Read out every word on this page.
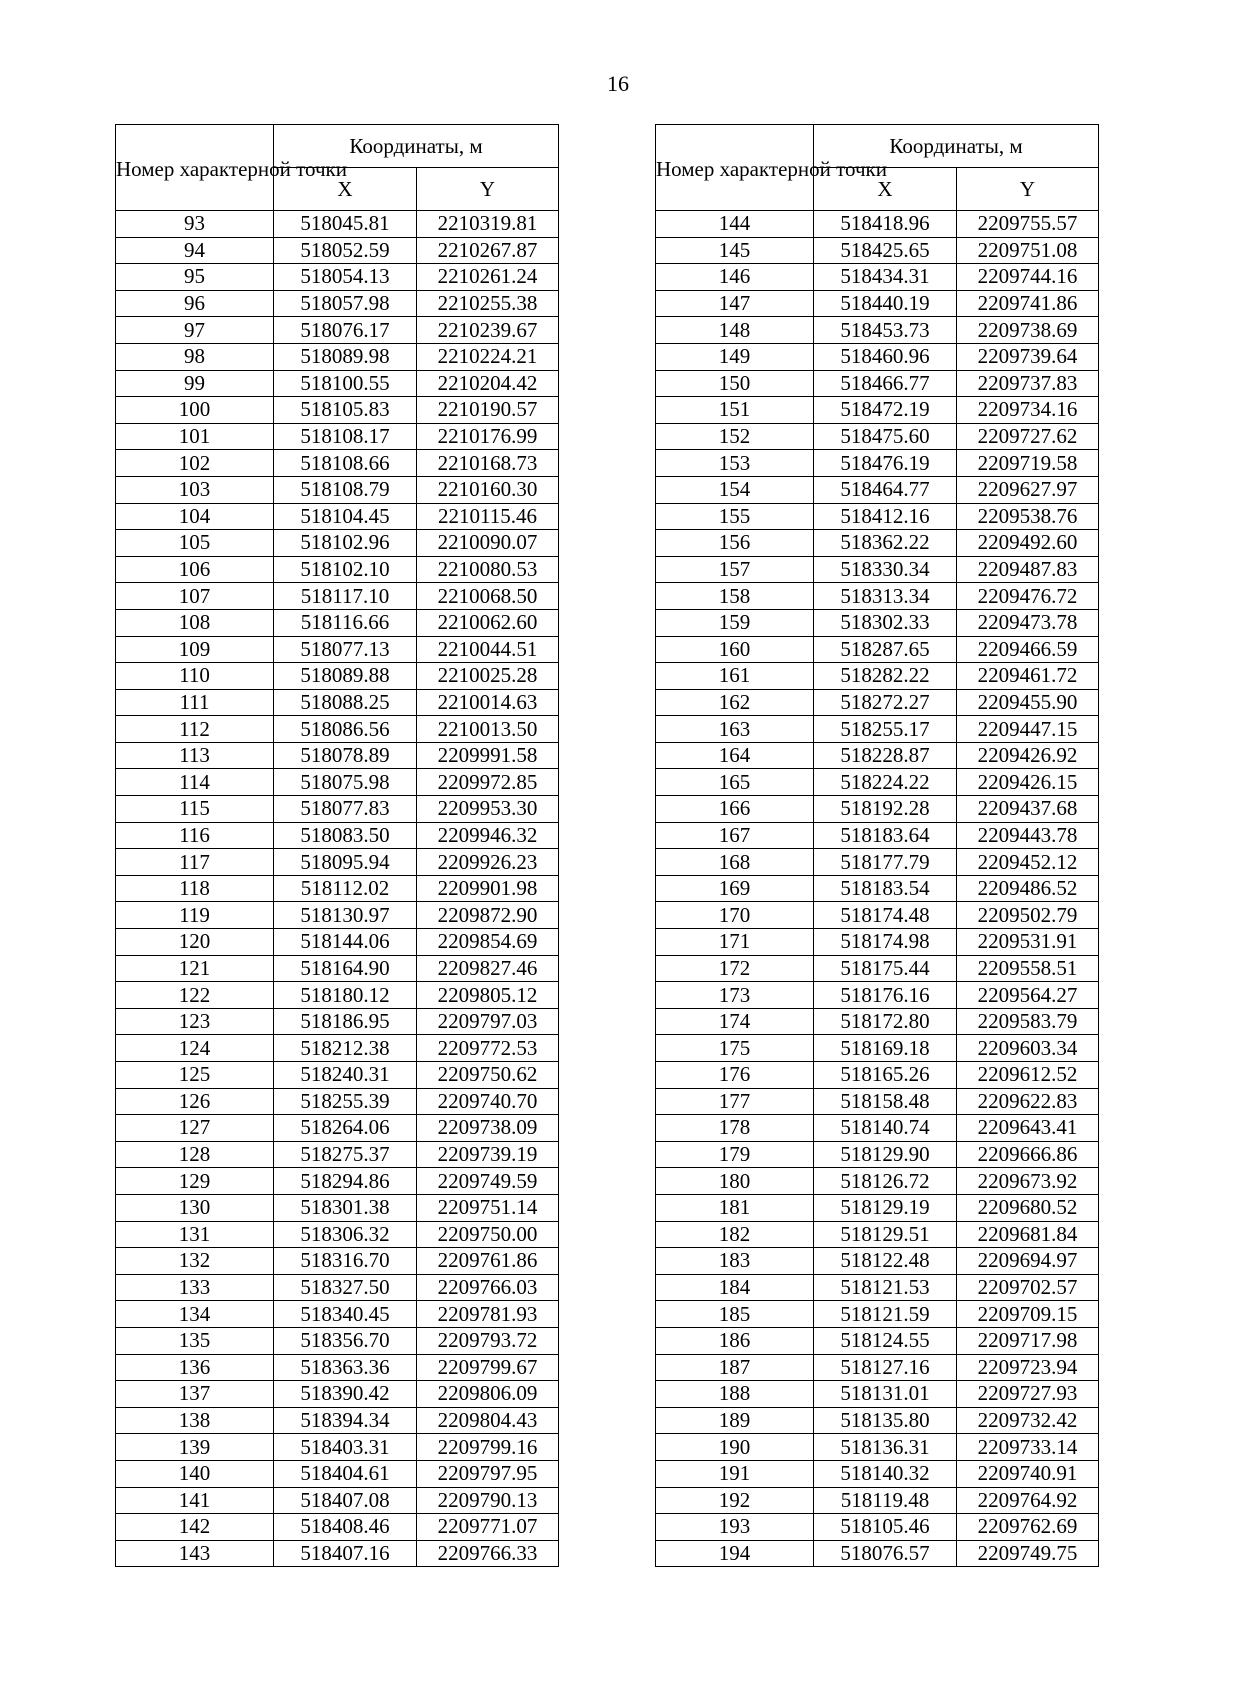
16
Номер характерной точки	Координаты, м	
	X	Y
93	518045.81	2210319.81
94	518052.59	2210267.87
95	518054.13	2210261.24
96	518057.98	2210255.38
97	518076.17	2210239.67
98	518089.98	2210224.21
99	518100.55	2210204.42
100	518105.83	2210190.57
101	518108.17	2210176.99
102	518108.66	2210168.73
103	518108.79	2210160.30
104	518104.45	2210115.46
105	518102.96	2210090.07
106	518102.10	2210080.53
107	518117.10	2210068.50
108	518116.66	2210062.60
109	518077.13	2210044.51
110	518089.88	2210025.28
111	518088.25	2210014.63
112	518086.56	2210013.50
113	518078.89	2209991.58
114	518075.98	2209972.85
115	518077.83	2209953.30
116	518083.50	2209946.32
117	518095.94	2209926.23
118	518112.02	2209901.98
119	518130.97	2209872.90
120	518144.06	2209854.69
121	518164.90	2209827.46
122	518180.12	2209805.12
123	518186.95	2209797.03
124	518212.38	2209772.53
125	518240.31	2209750.62
126	518255.39	2209740.70
127	518264.06	2209738.09
128	518275.37	2209739.19
129	518294.86	2209749.59
130	518301.38	2209751.14
131	518306.32	2209750.00
132	518316.70	2209761.86
133	518327.50	2209766.03
134	518340.45	2209781.93
135	518356.70	2209793.72
136	518363.36	2209799.67
137	518390.42	2209806.09
138	518394.34	2209804.43
139	518403.31	2209799.16
140	518404.61	2209797.95
141	518407.08	2209790.13
142	518408.46	2209771.07
143	518407.16	2209766.33
Номер характерной точки	Координаты, м	
	X	Y
144	518418.96	2209755.57
145	518425.65	2209751.08
146	518434.31	2209744.16
147	518440.19	2209741.86
148	518453.73	2209738.69
149	518460.96	2209739.64
150	518466.77	2209737.83
151	518472.19	2209734.16
152	518475.60	2209727.62
153	518476.19	2209719.58
154	518464.77	2209627.97
155	518412.16	2209538.76
156	518362.22	2209492.60
157	518330.34	2209487.83
158	518313.34	2209476.72
159	518302.33	2209473.78
160	518287.65	2209466.59
161	518282.22	2209461.72
162	518272.27	2209455.90
163	518255.17	2209447.15
164	518228.87	2209426.92
165	518224.22	2209426.15
166	518192.28	2209437.68
167	518183.64	2209443.78
168	518177.79	2209452.12
169	518183.54	2209486.52
170	518174.48	2209502.79
171	518174.98	2209531.91
172	518175.44	2209558.51
173	518176.16	2209564.27
174	518172.80	2209583.79
175	518169.18	2209603.34
176	518165.26	2209612.52
177	518158.48	2209622.83
178	518140.74	2209643.41
179	518129.90	2209666.86
180	518126.72	2209673.92
181	518129.19	2209680.52
182	518129.51	2209681.84
183	518122.48	2209694.97
184	518121.53	2209702.57
185	518121.59	2209709.15
186	518124.55	2209717.98
187	518127.16	2209723.94
188	518131.01	2209727.93
189	518135.80	2209732.42
190	518136.31	2209733.14
191	518140.32	2209740.91
192	518119.48	2209764.92
193	518105.46	2209762.69
194	518076.57	2209749.75
